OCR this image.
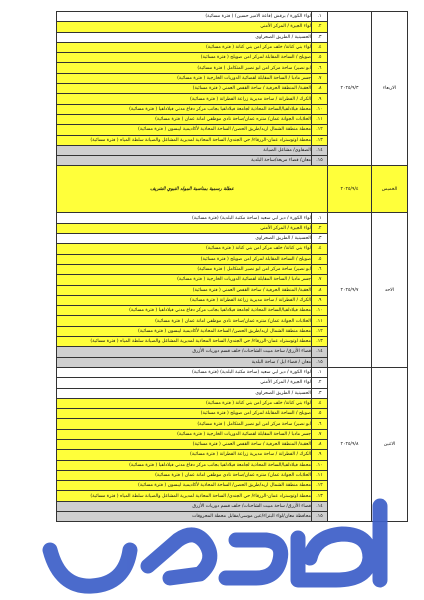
لواء الكورة / برقش (قاعة الامير حسين) ( فترة مسائية)	.١	٢٠٢٥/٩/٣	الاربعاء
لواء الجيزة / المركز الأمني	.٢		
الحسينية / الطريق الصحراوي	.٣		
لواء بني كنانة/ خلف مركز امن بني كنانة ( فترة مسائية)	.٤		
صويلح / الساحة المقابلة لمركز امن صويلح ( فترة مسائية)	.٥		
ابو نصير/ ساحة مركز امن ابو نصير المتكامل ( فترة مسائية)	.٦		
جسر مادبا / الساحة المقابلة لقضائية الدوريات الخارجية ( فترة مسائية)	.٧		
العقبة/ المنطقة الحرفية / ساحة القفص العمني ( فترة مسائية)	.٨		
الكرك / الفطرانة / ساحة مديرية زراعة الفطرانة ( فترة مسائية)	.٩		
محطة فيلادلفيا/الساحة المحاذية لجامعة فيلادلفيا بجانب مركز دفاع مدني فيلادلفيا ( فترة مسائية)	.١٠		
الحلابات الجوانة عمان/ منتزه عمان/ساحة نادي موظفي امانة عمان ( فترة مسائية)	.١١		
محطة منطقة الشمال اربد/طريق الحصن/ الساحة المحاذية لأكاديمية ايبسون ( فترة مسائية)	.١٢		
محطة اوتوستراد عمان-الزرقاء/ حي الجندي/ الساحة المحاذية لمديرية المشاغل والصيانة سلطة المياه ( فترة مسائية)	.١٣		
الصفاوي/ مشاغل الصيانة	.١٤		
معان/ قضاء مريغة/ساحة البلدية	.١٥		
عطلة رسمية بمناسبة المولد النبوي الشريف		٢٠٢٥/٩/٤	الخميس
لواء الكورة / دير ابي سعيد (ساحة مكتبة البلدية) (فترة مسائية)	.١	٢٠٢٥/٩/٧	الاحد
لواء الجيزة / المركز الأمني	.٢		
الحسينية / الطريق الصحراوي	.٣		
لواء بني كنانة/ خلف مركز امن بني كنانة ( فترة مسائية)	.٤		
صويلح / الساحة المقابلة لمركز امن صويلح ( فترة مسائية)	.٥		
ابو نصير/ ساحة مركز امن ابو نصير المتكامل ( فترة مسائية)	.٦		
جسر مادبا / الساحة المقابلة لقضائية الدوريات الخارجية ( فترة مسائية)	.٧		
العقبة/ المنطقة الحرفية / ساحة القفص العمني ( فترة مسائية)	.٨		
الكرك / الفطرانة / ساحة مديرية زراعة الفطرانة ( فترة مسائية)	.٩		
محطة فيلادلفيا/الساحة المحاذية لجامعة فيلادلفيا بجانب مركز دفاع مدني فيلادلفيا ( فترة مسائية)	.١٠		
الحلابات الجوانة عمان/ منتزه عمان/ساحة نادي موظفي امانة عمان ( فترة مسائية)	.١١		
محطة منطقة الشمال اربد/طريق الحصن/ الساحة المحاذية لأكاديمية ايبسون ( فترة مسائية)	.١٢		
محطة اوتوستراد عمان-الزرقاء/ حي الجندي/ الساحة المحاذية لمديرية المشاغل والصيانة سلطة المياه ( فترة مسائية)	.١٣		
قضاء الأزرق/ ساحة مبيت الشاحنات/ خلف قسم دوريات الأزرق	.١٤		
معان / قضاء ايل / ساحة البلدية	.١٥		
لواء الكورة / دير ابي سعيد (ساحة مكتبة البلدية) (فترة مسائية)	.١	٢٠٢٥/٩/٨	الاثنين
لواء الجيزة / المركز الأمني	.٢		
الحسينية / الطريق الصحراوي	.٣		
لواء بني كنانة/ خلف مركز امن بني كنانة ( فترة مسائية)	.٤		
صويلح / الساحة المقابلة لمركز امن صويلح ( فترة مسائية)	.٥		
ابو نصير/ ساحة مركز امن ابو نصير المتكامل ( فترة مسائية)	.٦		
جسر مادبا / الساحة المقابلة لقضائية الدوريات الخارجية ( فترة مسائية)	.٧		
العقبة/ المنطقة الحرفية / ساحة القفص العمني ( فترة مسائية)	.٨		
الكرك / الفطرانة / ساحة مديرية زراعة الفطرانة ( فترة مسائية)	.٩		
محطة فيلادلفيا/الساحة المحاذية لجامعة فيلادلفيا بجانب مركز دفاع مدني فيلادلفيا ( فترة مسائية)	.١٠		
الحلابات الجوانة عمان/ منتزه عمان/ساحة نادي موظفي امانة عمان ( فترة مسائية)	.١١		
محطة منطقة الشمال اربد/طريق الحصن/ الساحة المحاذية لأكاديمية ايبسون ( فترة مسائية)	.١٢		
محطة اوتوستراد عمان-الزرقاء/ حي الجندي/ الساحة المحاذية لمديرية المشاغل والصيانة سلطة المياه ( فترة مسائية)	.١٣		
قضاء الأزرق/ ساحة مبيت الشاحنات/ خلف قسم دوريات الأزرق	.١٤		
محافظة معان/لواء البتراء/عين موسى/مقابل محطة المحروقات	.١٥		
